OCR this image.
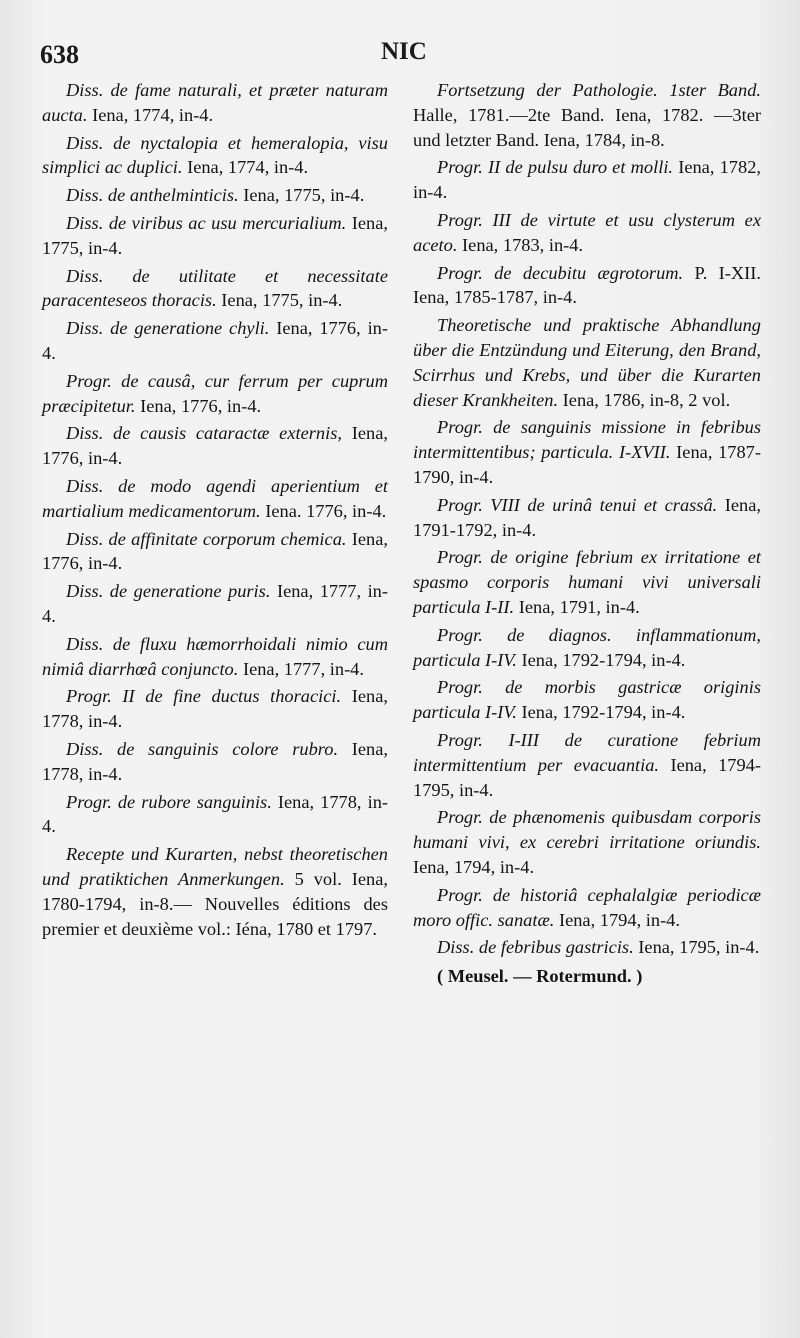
638	NIC

Diss. de fame naturali, et præter naturam aucta. Iena, 1774, in-4.

Diss. de nyctalopia et hemeralopia, visu simplici ac duplici. Iena, 1774, in-4.

Diss. de anthelminticis. Iena, 1775, in-4.

Diss. de viribus ac usu mercurialium. Iena, 1775, in-4.

Diss. de utilitate et necessitate paracenteseos thoracis. Iena, 1775, in-4.

Diss. de generatione chyli. Iena, 1776, in-4.

Progr. de causâ, cur ferrum per cuprum præcipitetur. Iena, 1776, in-4.

Diss. de causis cataractæ externis, Iena, 1776, in-4.

Diss. de modo agendi aperientium et martialium medicamentorum. Iena. 1776, in-4.

Diss. de affinitate corporum chemica. Iena, 1776, in-4.

Diss. de generatione puris. Iena, 1777, in-4.

Diss. de fluxu hæmorrhoidali nimio cum nimiâ diarrhœâ conjuncto. Iena, 1777, in-4.

Progr. II de fine ductus thoracici. Iena, 1778, in-4.

Diss. de sanguinis colore rubro. Iena, 1778, in-4.

Progr. de rubore sanguinis. Iena, 1778, in-4.

Recepte und Kurarten, nebst theoretischen und pratiktichen Anmerkungen. 5 vol. Iena, 1780-1794, in-8.— Nouvelles éditions des premier et deuxième vol.: Iéna, 1780 et 1797.

Fortsetzung der Pathologie. 1ster Band. Halle, 1781.—2te Band. Iena, 1782. —3ter und letzter Band. Iena, 1784, in-8.

Progr. II de pulsu duro et molli. Iena, 1782, in-4.

Progr. III de virtute et usu clysterum ex aceto. Iena, 1783, in-4.

Progr. de decubitu ægrotorum. P. I-XII. Iena, 1785-1787, in-4.

Theoretische und praktische Abhandlung über die Entzündung und Eiterung, den Brand, Scirrhus und Krebs, und über die Kurarten dieser Krankheiten. Iena, 1786, in-8, 2 vol.

Progr. de sanguinis missione in febribus intermittentibus; particula. I-XVII. Iena, 1787-1790, in-4.

Progr. VIII de urinâ tenui et crassâ. Iena, 1791-1792, in-4.

Progr. de origine febrium ex irritatione et spasmo corporis humani vivi universali particula I-II. Iena, 1791, in-4.

Progr. de diagnos. inflammationum, particula I-IV. Iena, 1792-1794, in-4.

Progr. de morbis gastricæ originis particula I-IV. Iena, 1792-1794, in-4.

Progr. I-III de curatione febrium intermittentium per evacuantia. Iena, 1794-1795, in-4.

Progr. de phænomenis quibusdam corporis humani vivi, ex cerebri irritatione oriundis. Iena, 1794, in-4.

Progr. de historiâ cephalalgiæ periodicæ moro offic. sanatæ. Iena, 1794, in-4.

Diss. de febribus gastricis. Iena, 1795, in-4.

( Meusel. — Rotermund. )
